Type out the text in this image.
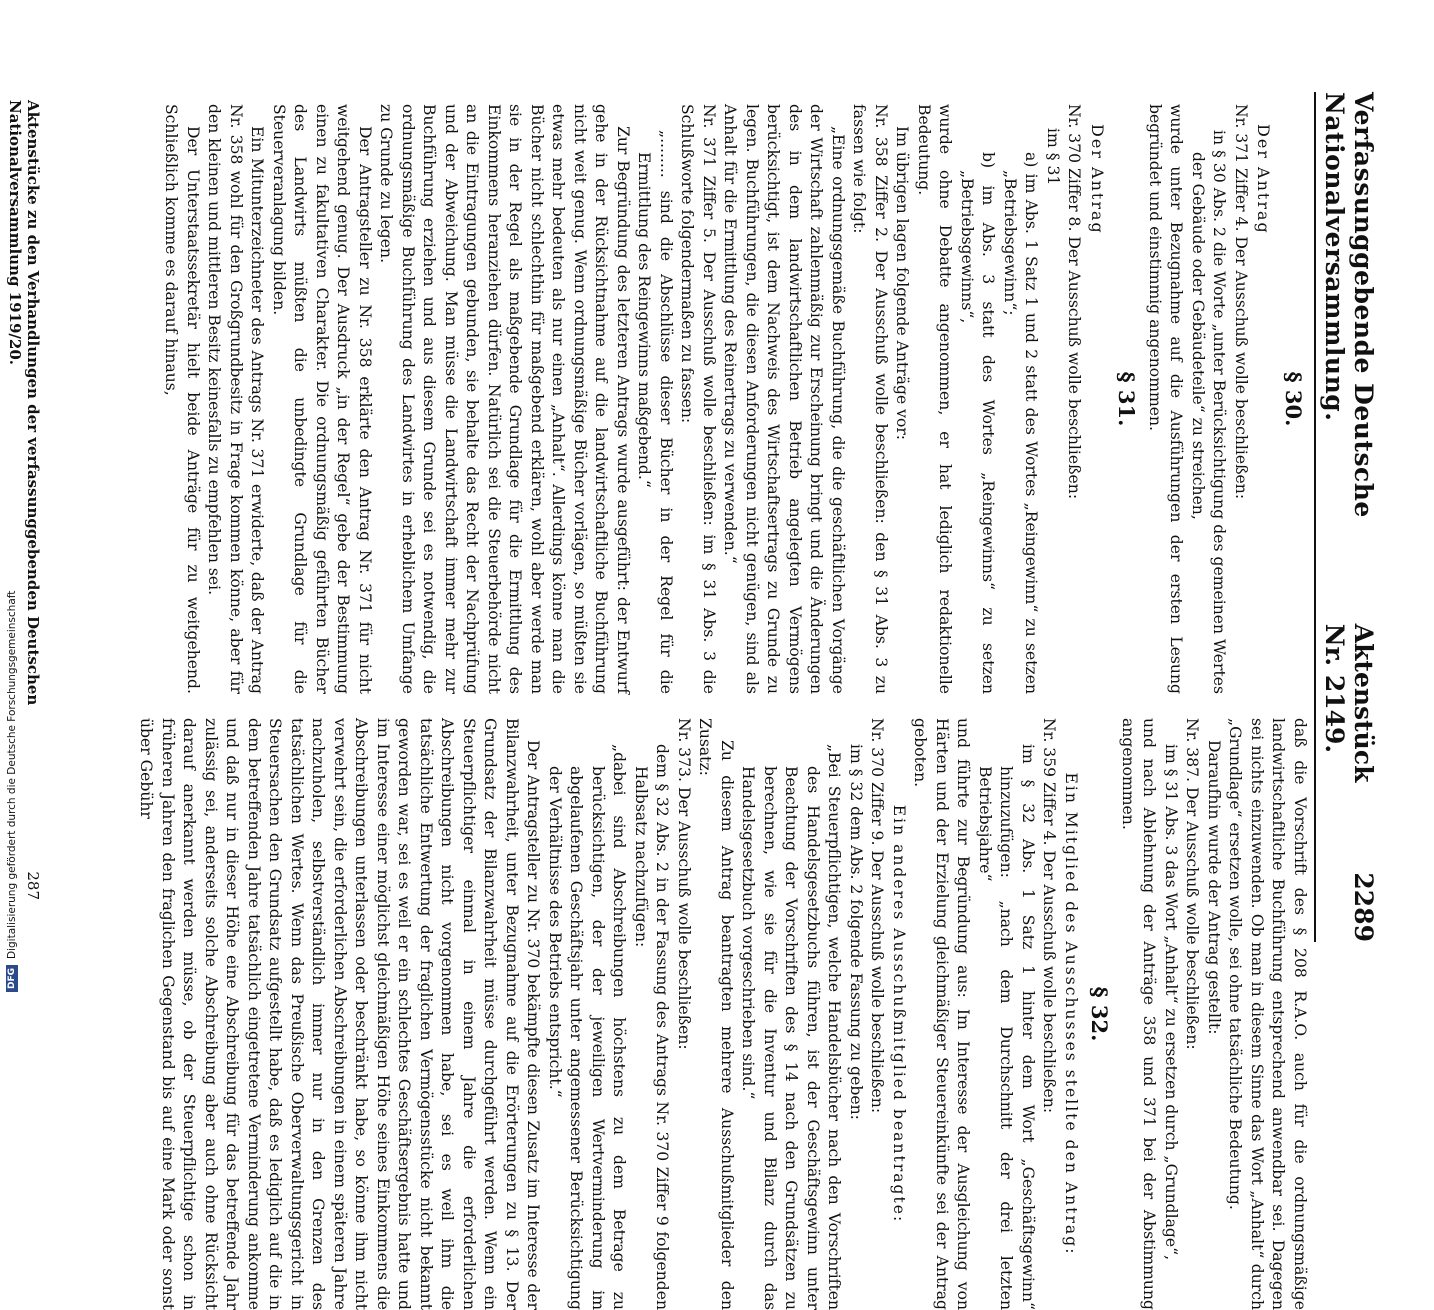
Verfassunggebende Deutsche Nationalversammlung.
Aktenstück Nr. 2149.
2289
§ 30.
Der Antrag
Nr. 371 Ziffer 4. Der Ausschuß wolle beschließen:
in § 30 Abs. 2 die Worte „unter Berücksichtigung des gemeinen Wertes der Gebäude oder Gebäudeteile“ zu streichen,
wurde unter Bezugnahme auf die Ausführungen der ersten Lesung begründet und einstimmig angenommen.
§ 31.
Der Antrag
Nr. 370 Ziffer 8. Der Ausschuß wolle beschließen:
im § 31
a) im Abs. 1 Satz 1 und 2 statt des Wortes „Reingewinn“ zu setzen „Betriebsgewinn“;
b) im Abs. 3 statt des Wortes „Reingewinns“ zu setzen „Betriebsgewinns“,
wurde ohne Debatte angenommen, er hat lediglich redaktionelle Bedeutung.
Im übrigen lagen folgende Anträge vor:
Nr. 358 Ziffer 2. Der Ausschuß wolle beschließen: den § 31 Abs. 3 zu fassen wie folgt:
„Eine ordnungsgemäße Buchführung, die die geschäftlichen Vorgänge der Wirtschaft zahlenmäßig zur Erscheinung bringt und die Änderungen des in dem landwirtschaftlichen Betrieb angelegten Vermögens berücksichtigt, ist dem Nachweis des Wirtschaftsertrags zu Grunde zu legen. Buchführungen, die diesen Anforderungen nicht genügen, sind als Anhalt für die Ermittlung des Reinertrags zu verwenden.“
Nr. 371 Ziffer 5. Der Ausschuß wolle beschließen: im § 31 Abs. 3 die Schlußworte folgendermaßen zu fassen:
„........ sind die Abschlüsse dieser Bücher in der Regel für die Ermittlung des Reingewinns maßgebend.“
Zur Begründung des letzteren Antrags wurde ausgeführt: der Entwurf gehe in der Rücksichtnahme auf die landwirtschaftliche Buchführung nicht weit genug. Wenn ordnungsmäßige Bücher vorlägen, so müßten sie etwas mehr bedeuten als nur einen „Anhalt“. Allerdings könne man die Bücher nicht schlechthin für maßgebend erklären, wohl aber werde man sie in der Regel als maßgebende Grundlage für die Ermittlung des Einkommens heranziehen dürfen. Natürlich sei die Steuerbehörde nicht an die Eintragungen gebunden, sie behalte das Recht der Nachprüfung und der Abweichung. Man müsse die Landwirtschaft immer mehr zur Buchführung erziehen und aus diesem Grunde sei es notwendig, die ordnungsmäßige Buchführung des Landwirtes in erheblichem Umfange zu Grunde zu legen.
Der Antragsteller zu Nr. 358 erklärte den Antrag Nr. 371 für nicht weitgehend genug. Der Ausdruck „in der Regel“ gebe der Bestimmung einen zu fakultativen Charakter. Die ordnungsmäßig geführten Bücher des Landwirts müßten die unbedingte Grundlage für die Steuerveranlagung bilden.
Ein Mitunterzeichneter des Antrags Nr. 371 erwiderte, daß der Antrag Nr. 358 wohl für den Großgrundbesitz in Frage kommen könne, aber für den kleinen und mittleren Besitz keinesfalls zu empfehlen sei.
Der Unterstaatssekretär hielt beide Anträge für zu weitgehend. Schließlich komme es darauf hinaus,
daß die Vorschrift des § 208 R.A.O. auch für die ordnungsmäßige landwirtschaftliche Buchführung entsprechend anwendbar sei. Dagegen sei nichts einzuwenden. Ob man in diesem Sinne das Wort „Anhalt“ durch „Grundlage“ ersetzen wolle, sei ohne tatsächliche Bedeutung.
Daraufhin wurde der Antrag gestellt:
Nr. 387. Der Ausschuß wolle beschließen:
im § 31 Abs. 3 das Wort „Anhalt“ zu ersetzen durch „Grundlage“,
und nach Ablehnung der Anträge 358 und 371 bei der Abstimmung angenommen.
§ 32.
Ein Mitglied des Ausschusses stellte den Antrag:
Nr. 359 Ziffer 4. Der Ausschuß wolle beschließen:
im § 32 Abs. 1 Satz 1 hinter dem Wort „Geschäftsgewinn“ hinzuzufügen: „nach dem Durchschnitt der drei letzten Betriebsjahre“
und führte zur Begründung aus: Im Interesse der Ausgleichung von Härten und der Erzielung gleichmäßiger Steuereinkünfte sei der Antrag geboten.
Ein anderes Ausschußmitglied beantragte:
Nr. 370 Ziffer 9. Der Ausschuß wolle beschließen:
im § 32 dem Abs. 2 folgende Fassung zu geben:
„Bei Steuerpflichtigen, welche Handelsbücher nach den Vorschriften des Handelsgesetzbuchs führen, ist der Geschäftsgewinn unter Beachtung der Vorschriften des § 14 nach den Grundsätzen zu berechnen, wie sie für die Inventur und Bilanz durch das Handelsgesetzbuch vorgeschrieben sind.“
Zu diesem Antrag beantragten mehrere Ausschußmitglieder den Zusatz:
Nr. 373. Der Ausschuß wolle beschließen:
dem § 32 Abs. 2 in der Fassung des Antrags Nr. 370 Ziffer 9 folgenden Halbsatz nachzufügen:
„dabei sind Abschreibungen höchstens zu dem Betrage zu berücksichtigen, der der jeweiligen Wertverminderung im abgelaufenen Geschäftsjahr unter angemessener Berücksichtigung der Verhältnisse des Betriebs entspricht.“
Der Antragsteller zu Nr. 370 bekämpfte diesen Zusatz im Interesse der Bilanzwahrheit, unter Bezugnahme auf die Erörterungen zu § 13. Der Grundsatz der Bilanzwahrheit müsse durchgeführt werden. Wenn ein Steuerpflichtiger einmal in einem Jahre die erforderlichen Abschreibungen nicht vorgenommen habe, sei es weil ihm die tatsächliche Entwertung der fraglichen Vermögensstücke nicht bekannt geworden war, sei es weil er ein schlechtes Geschäftsergebnis hatte und im Interesse einer möglichst gleichmäßigen Höhe seines Einkommens die Abschreibungen unterlassen oder beschränkt habe, so könne ihm nicht verwehrt sein, die erforderlichen Abschreibungen in einem späteren Jahre nachzuholen, selbstverständlich immer nur in den Grenzen des tatsächlichen Wertes. Wenn das Preußische Oberverwaltungsgericht in Steuersachen den Grundsatz aufgestellt habe, daß es lediglich auf die in dem betreffenden Jahre tatsächlich eingetretene Verminderung ankomme und daß nur in dieser Höhe eine Abschreibung für das betreffende Jahr zulässig sei, anderseits solche Abschreibung aber auch ohne Rücksicht darauf anerkannt werden müsse, ob der Steuerpflichtige schon in früheren Jahren den fraglichen Gegenstand bis auf eine Mark oder sonst über Gebühr
Aktenstücke zu den Verhandlungen der verfassunggebenden Deutschen Nationalversammlung 1919/20.
287
DFG
Digitalisierung gefördert durch die Deutsche Forschungsgemeinschaft
